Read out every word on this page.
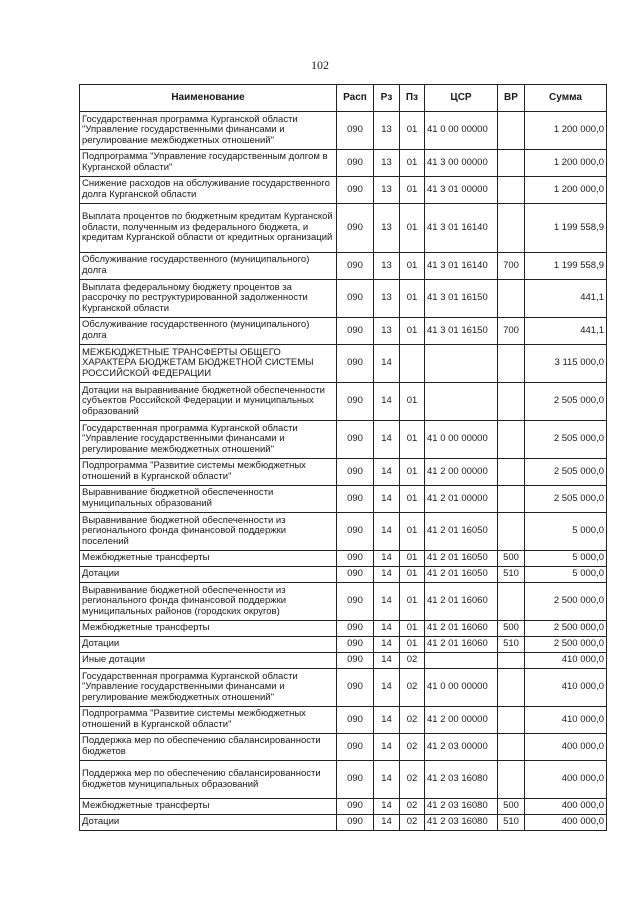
102
Наименование	Расп	Рз	Пз	ЦСР	ВР	Сумма
Государственная программа Курганской области "Управление государственными финансами и регулирование межбюджетных отношений"	090	13	01	41 0 00 00000		1 200 000,0
Подпрограмма "Управление государственным долгом в Курганской области"	090	13	01	41 3 00 00000		1 200 000,0
Снижение расходов на обслуживание государственного долга Курганской области	090	13	01	41 3 01 00000		1 200 000,0
Выплата процентов по бюджетным кредитам Курганской области, полученным из федерального бюджета, и кредитам Курганской области от кредитных организаций	090	13	01	41 3 01 16140		1 199 558,9
Обслуживание государственного (муниципального) долга	090	13	01	41 3 01 16140	700	1 199 558,9
Выплата федеральному бюджету процентов за рассрочку по реструктурированной задолженности Курганской области	090	13	01	41 3 01 16150		441,1
Обслуживание государственного (муниципального) долга	090	13	01	41 3 01 16150	700	441,1
МЕЖБЮДЖЕТНЫЕ ТРАНСФЕРТЫ ОБЩЕГО ХАРАКТЕРА БЮДЖЕТАМ БЮДЖЕТНОЙ СИСТЕМЫ РОССИЙСКОЙ ФЕДЕРАЦИИ	090	14				3 115 000,0
Дотации на выравнивание бюджетной обеспеченности субъектов Российской Федерации и муниципальных образований	090	14	01			2 505 000,0
Государственная программа Курганской области "Управление государственными финансами и регулирование межбюджетных отношений"	090	14	01	41 0 00 00000		2 505 000,0
Подпрограмма "Развитие системы межбюджетных отношений в Курганской области"	090	14	01	41 2 00 00000		2 505 000,0
Выравнивание бюджетной обеспеченности муниципальных образований	090	14	01	41 2 01 00000		2 505 000,0
Выравнивание бюджетной обеспеченности из регионального фонда финансовой поддержки поселений	090	14	01	41 2 01 16050		5 000,0
Межбюджетные трансферты	090	14	01	41 2 01 16050	500	5 000,0
Дотации	090	14	01	41 2 01 16050	510	5 000,0
Выравнивание бюджетной обеспеченности из регионального фонда финансовой поддержки муниципальных районов (городских округов)	090	14	01	41 2 01 16060		2 500 000,0
Межбюджетные трансферты	090	14	01	41 2 01 16060	500	2 500 000,0
Дотации	090	14	01	41 2 01 16060	510	2 500 000,0
Иные дотации	090	14	02			410 000,0
Государственная программа Курганской области "Управление государственными финансами и регулирование межбюджетных отношений"	090	14	02	41 0 00 00000		410 000,0
Подпрограмма "Развитие системы межбюджетных отношений в Курганской области"	090	14	02	41 2 00 00000		410 000,0
Поддержка мер по обеспечению сбалансированности бюджетов	090	14	02	41 2 03 00000		400 000,0
Поддержка мер по обеспечению сбалансированности бюджетов муниципальных образований	090	14	02	41 2 03 16080		400 000,0
Межбюджетные трансферты	090	14	02	41 2 03 16080	500	400 000,0
Дотации	090	14	02	41 2 03 16080	510	400 000,0
